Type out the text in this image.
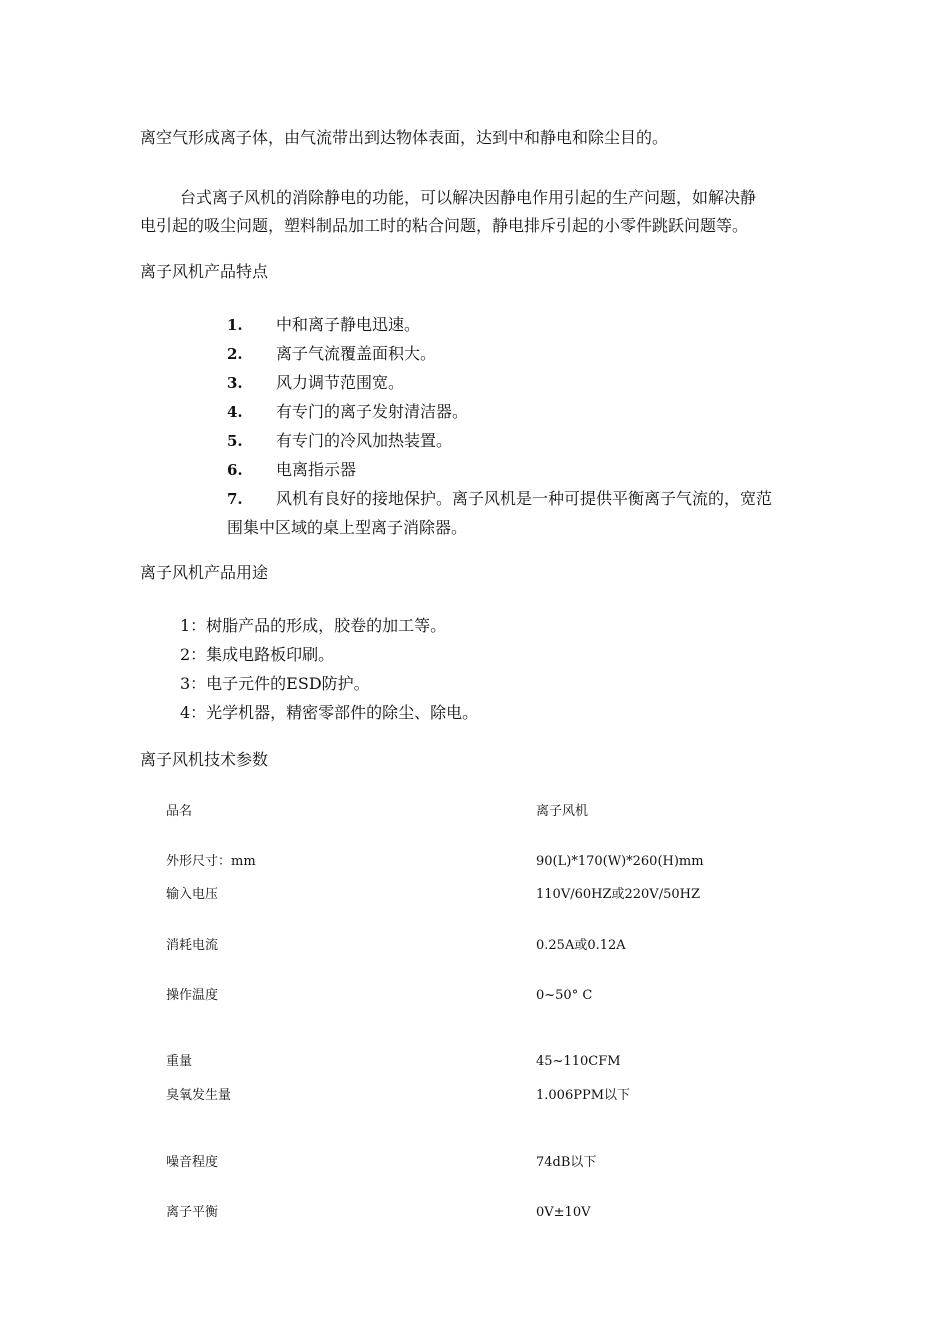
离空气形成离子体，由气流带出到达物体表面，达到中和静电和除尘目的。
台式离子风机的消除静电的功能，可以解决因静电作用引起的生产问题，如解决静
电引起的吸尘问题，塑料制品加工时的粘合问题，静电排斥引起的小零件跳跃问题等。
离子风机产品特点
1. 中和离子静电迅速。
2. 离子气流覆盖面积大。
3. 风力调节范围宽。
4. 有专门的离子发射清洁器。
5. 有专门的冷风加热装置。
6. 电离指示器
7. 风机有良好的接地保护。离子风机是一种可提供平衡离子气流的，宽范
围集中区域的桌上型离子消除器。
离子风机产品用途
1：树脂产品的形成，胶卷的加工等。
2：集成电路板印刷。
3：电子元件的ESD防护。
4：光学机器，精密零部件的除尘、除电。
离子风机技术参数
品名	离子风机
外形尺寸：mm	90(L)*170(W)*260(H)mm
输入电压	110V/60HZ或220V/50HZ
消耗电流	0.25A或0.12A
操作温度	0~50° C
重量	45~110CFM
臭氧发生量	1.006PPM以下
噪音程度	74dB以下
离子平衡	0V±10V
